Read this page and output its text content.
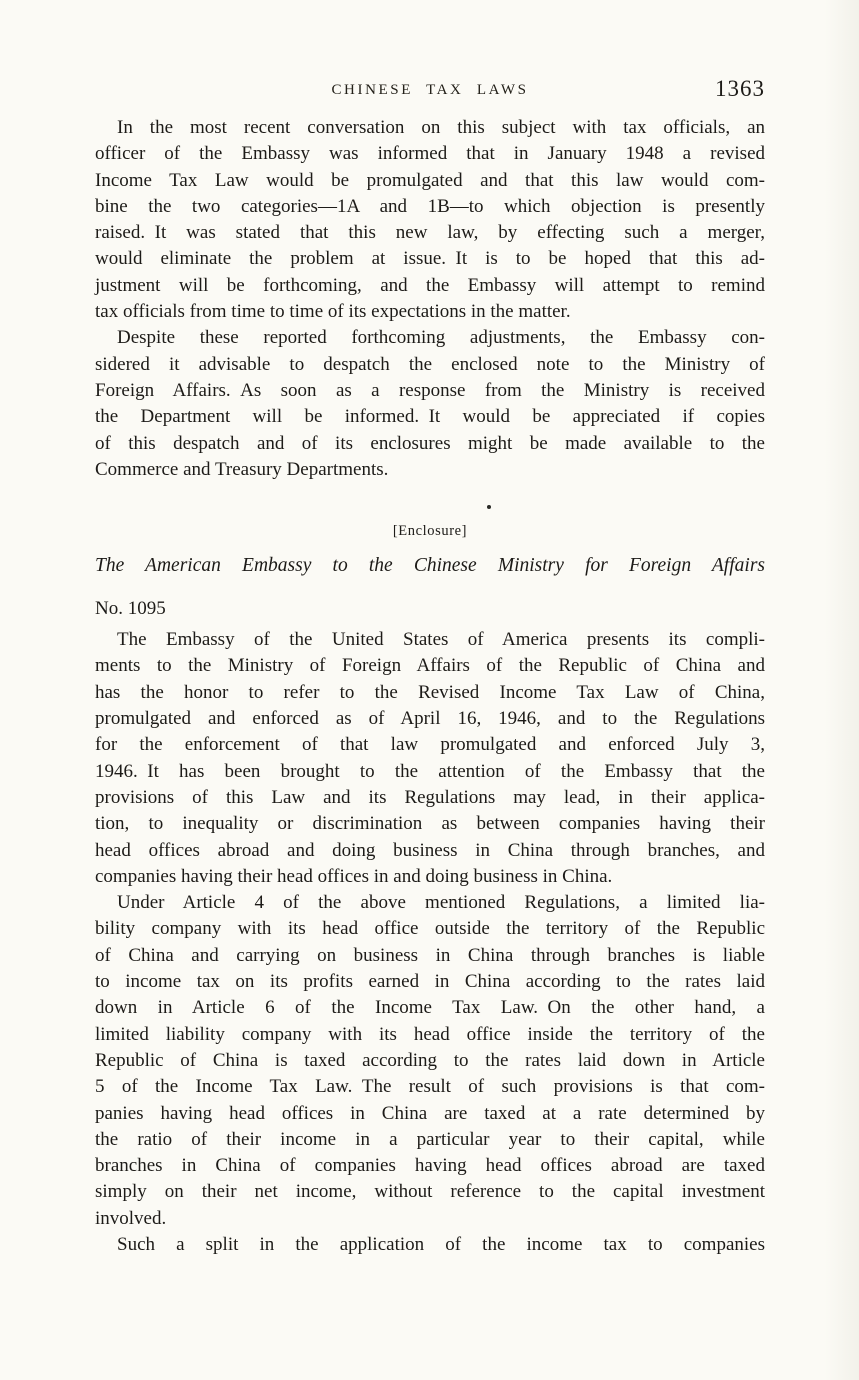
CHINESE TAX LAWS	1363
In the most recent conversation on this subject with tax officials, an
officer of the Embassy was informed that in January 1948 a revised
Income Tax Law would be promulgated and that this law would com-
bine the two categories—1A and 1B—to which objection is presently
raised. It was stated that this new law, by effecting such a merger,
would eliminate the problem at issue. It is to be hoped that this ad-
justment will be forthcoming, and the Embassy will attempt to remind
tax officials from time to time of its expectations in the matter.
Despite these reported forthcoming adjustments, the Embassy con-
sidered it advisable to despatch the enclosed note to the Ministry of
Foreign Affairs. As soon as a response from the Ministry is received
the Department will be informed. It would be appreciated if copies
of this despatch and of its enclosures might be made available to the
Commerce and Treasury Departments.
[Enclosure]
The American Embassy to the Chinese Ministry for Foreign Affairs
No. 1095
The Embassy of the United States of America presents its compli-
ments to the Ministry of Foreign Affairs of the Republic of China and
has the honor to refer to the Revised Income Tax Law of China,
promulgated and enforced as of April 16, 1946, and to the Regulations
for the enforcement of that law promulgated and enforced July 3,
1946. It has been brought to the attention of the Embassy that the
provisions of this Law and its Regulations may lead, in their applica-
tion, to inequality or discrimination as between companies having their
head offices abroad and doing business in China through branches, and
companies having their head offices in and doing business in China.
Under Article 4 of the above mentioned Regulations, a limited lia-
bility company with its head office outside the territory of the Republic
of China and carrying on business in China through branches is liable
to income tax on its profits earned in China according to the rates laid
down in Article 6 of the Income Tax Law. On the other hand, a
limited liability company with its head office inside the territory of the
Republic of China is taxed according to the rates laid down in Article
5 of the Income Tax Law. The result of such provisions is that com-
panies having head offices in China are taxed at a rate determined by
the ratio of their income in a particular year to their capital, while
branches in China of companies having head offices abroad are taxed
simply on their net income, without reference to the capital investment
involved.
Such a split in the application of the income tax to companies
